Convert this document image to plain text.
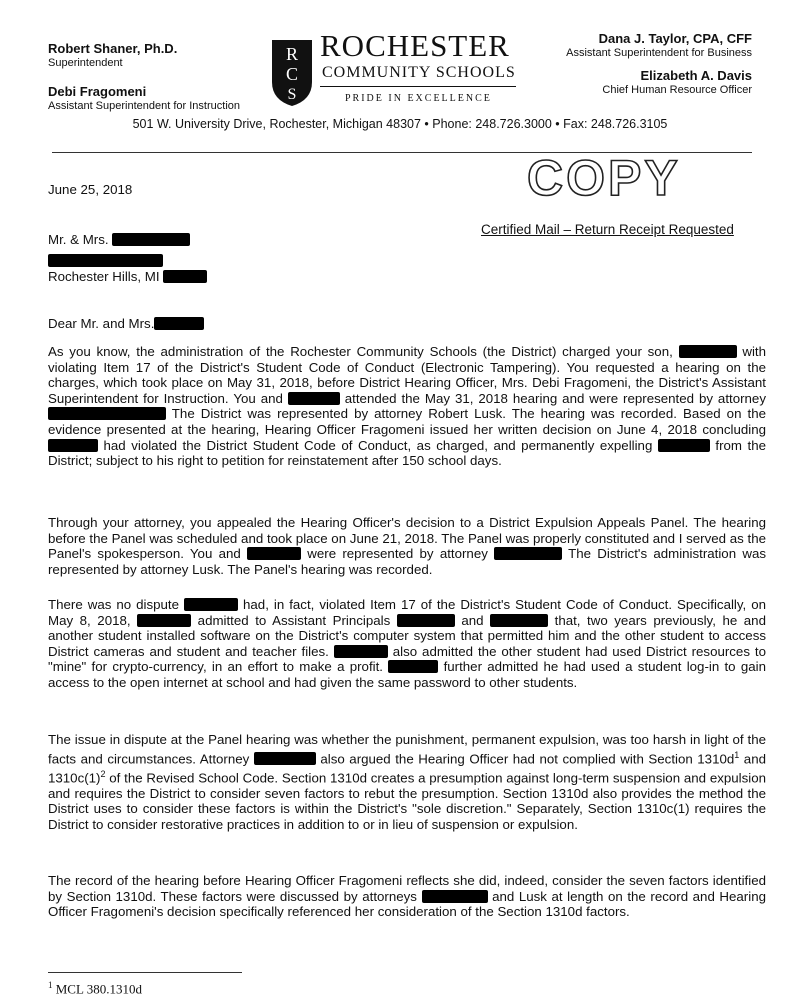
Robert Shaner, Ph.D.
Superintendent
Debi Fragomeni
Assistant Superintendent for Instruction
R
C
S
ROCHESTER
COMMUNITY SCHOOLS
PRIDE IN EXCELLENCE
Dana J. Taylor, CPA, CFF
Assistant Superintendent for Business
Elizabeth A. Davis
Chief Human Resource Officer
501 W. University Drive, Rochester, Michigan 48307 • Phone: 248.726.3000 • Fax: 248.726.3105
June 25, 2018	COPY
Certified Mail – Return Receipt Requested
Mr. & Mrs.
Rochester Hills, MI
Dear Mr. and Mrs.
As you know, the administration of the Rochester Community Schools (the District) charged your son,	with violating Item 17 of the District's Student Code of Conduct (Electronic Tampering). You requested a hearing on the charges, which took place on May 31, 2018, before District Hearing Officer, Mrs. Debi Fragomeni, the District's Assistant Superintendent for Instruction. You and	attended the May 31, 2018 hearing and were represented by attorney  The District was represented by attorney Robert Lusk. The hearing was recorded. Based on the evidence presented at the hearing, Hearing Officer Fragomeni issued her written decision on June 4, 2018 concluding  had violated the District Student Code of Conduct, as charged, and permanently expelling	from the District; subject to his right to petition for reinstatement after 150 school days.
Through your attorney, you appealed the Hearing Officer's decision to a District Expulsion Appeals Panel. The hearing before the Panel was scheduled and took place on June 21, 2018. The Panel was properly constituted and I served as the Panel's spokesperson. You and	were represented by attorney	The District's administration was represented by attorney Lusk. The Panel's hearing was recorded.
There was no dispute	had, in fact, violated Item 17 of the District's Student Code of Conduct. Specifically, on May 8, 2018,	admitted to Assistant Principals	and	that, two years previously, he and another student installed software on the District's computer system that permitted him and the other student to access District cameras and student and teacher files.	also admitted the other student had used District resources to "mine" for crypto-currency, in an effort to make a profit.	further admitted he had used a student log-in to gain access to the open internet at school and had given the same password to other students.
The issue in dispute at the Panel hearing was whether the punishment, permanent expulsion, was too harsh in light of the facts and circumstances. Attorney	also argued the Hearing Officer had not complied with Section $1310d^1$ and $1310c(1)^2$ of the Revised School Code. Section 1310d creates a presumption against long-term suspension and expulsion and requires the District to consider seven factors to rebut the presumption. Section 1310d also provides the method the District uses to consider these factors is within the District's "sole discretion." Separately, Section 1310c(1) requires the District to consider restorative practices in addition to or in lieu of suspension or expulsion.
The record of the hearing before Hearing Officer Fragomeni reflects she did, indeed, consider the seven factors identified by Section 1310d. These factors were discussed by attorneys	and Lusk at length on the record and Hearing Officer Fragomeni's decision specifically referenced her consideration of the Section 1310d factors.
$^1$ MCL 380.1310d
